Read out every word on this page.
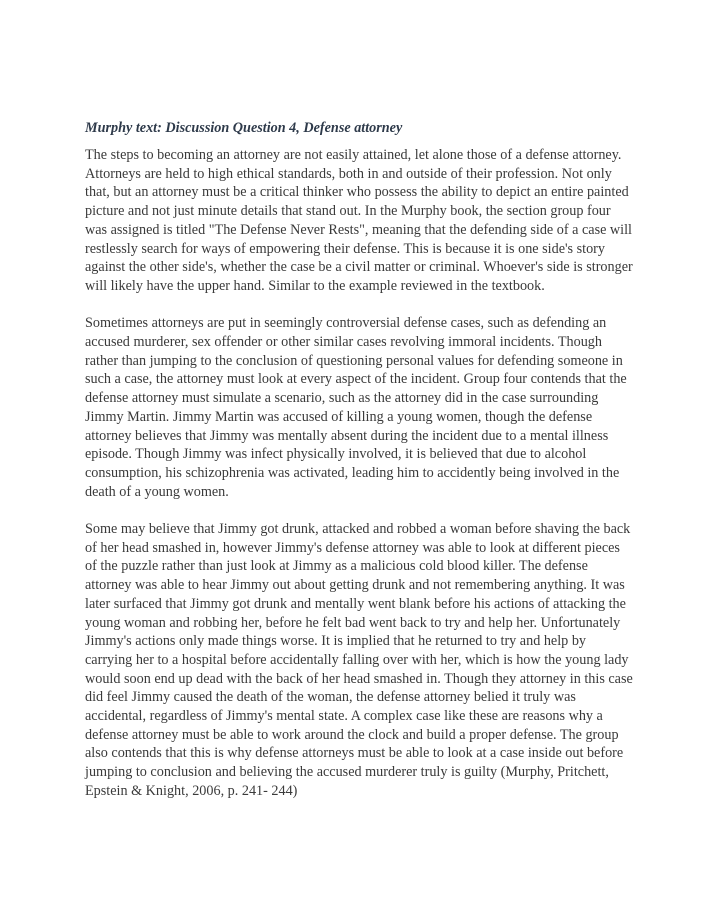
Murphy text: Discussion Question 4, Defense attorney

The steps to becoming an attorney are not easily attained, let alone those of a defense attorney. Attorneys are held to high ethical standards, both in and outside of their profession. Not only that, but an attorney must be a critical thinker who possess the ability to depict an entire painted picture and not just minute details that stand out. In the Murphy book, the section group four was assigned is titled "The Defense Never Rests", meaning that the defending side of a case will restlessly search for ways of empowering their defense. This is because it is one side's story against the other side's, whether the case be a civil matter or criminal. Whoever's side is stronger will likely have the upper hand. Similar to the example reviewed in the textbook.

Sometimes attorneys are put in seemingly controversial defense cases, such as defending an accused murderer, sex offender or other similar cases revolving immoral incidents. Though rather than jumping to the conclusion of questioning personal values for defending someone in such a case, the attorney must look at every aspect of the incident. Group four contends that the defense attorney must simulate a scenario, such as the attorney did in the case surrounding Jimmy Martin. Jimmy Martin was accused of killing a young women, though the defense attorney believes that Jimmy was mentally absent during the incident due to a mental illness episode. Though Jimmy was infect physically involved, it is believed that due to alcohol consumption, his schizophrenia was activated, leading him to accidently being involved in the death of a young women.

Some may believe that Jimmy got drunk, attacked and robbed a woman before shaving the back of her head smashed in, however Jimmy's defense attorney was able to look at different pieces of the puzzle rather than just look at Jimmy as a malicious cold blood killer. The defense attorney was able to hear Jimmy out about getting drunk and not remembering anything. It was later surfaced that Jimmy got drunk and mentally went blank before his actions of attacking the young woman and robbing her, before he felt bad went back to try and help her. Unfortunately Jimmy's actions only made things worse. It is implied that he returned to try and help by carrying her to a hospital before accidentally falling over with her, which is how the young lady would soon end up dead with the back of her head smashed in. Though they attorney in this case did feel Jimmy caused the death of the woman, the defense attorney belied it truly was accidental, regardless of Jimmy's mental state. A complex case like these are reasons why a defense attorney must be able to work around the clock and build a proper defense. The group also contends that this is why defense attorneys must be able to look at a case inside out before jumping to conclusion and believing the accused murderer truly is guilty (Murphy, Pritchett, Epstein & Knight, 2006, p. 241- 244)
